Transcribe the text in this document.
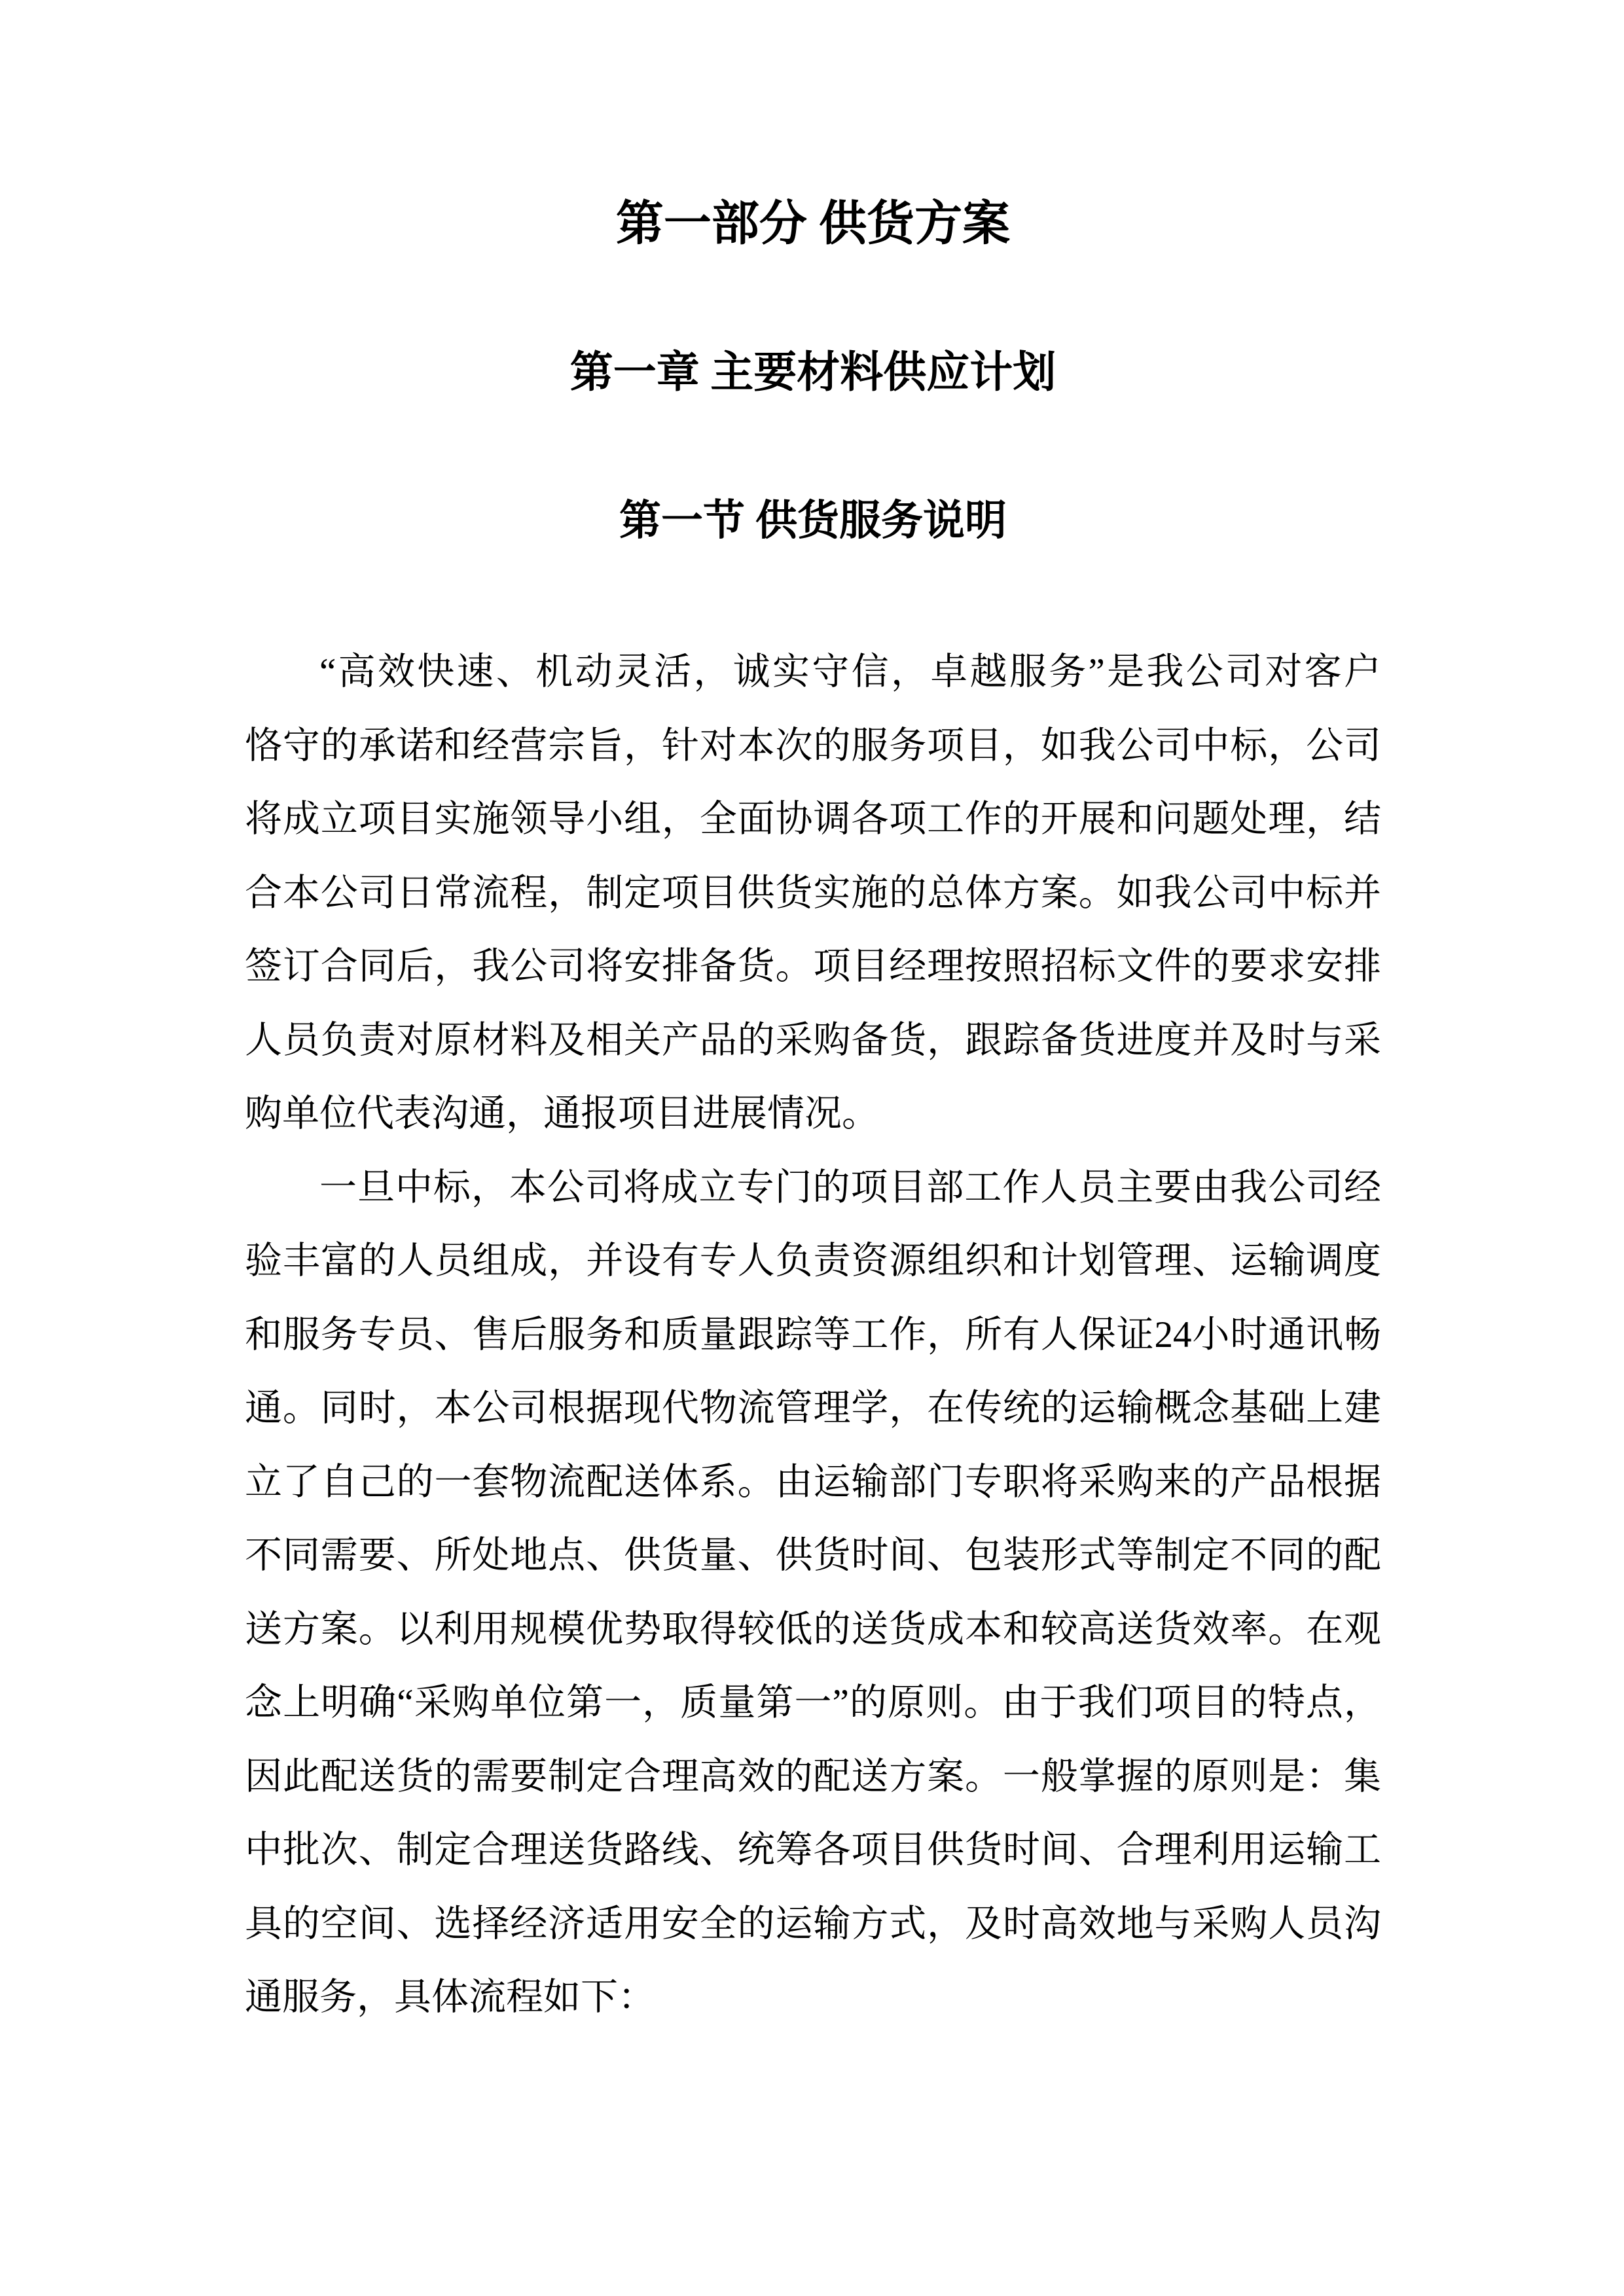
第一部分 供货方案
第一章 主要材料供应计划
第一节 供货服务说明
“高效快速、机动灵活，诚实守信，卓越服务”是我公司对客户
恪守的承诺和经营宗旨，针对本次的服务项目，如我公司中标，公司
将成立项目实施领导小组，全面协调各项工作的开展和问题处理，结
合本公司日常流程，制定项目供货实施的总体方案。如我公司中标并
签订合同后，我公司将安排备货。项目经理按照招标文件的要求安排
人员负责对原材料及相关产品的采购备货，跟踪备货进度并及时与采
购单位代表沟通，通报项目进展情况。
一旦中标，本公司将成立专门的项目部工作人员主要由我公司经
验丰富的人员组成，并设有专人负责资源组织和计划管理、运输调度
和服务专员、售后服务和质量跟踪等工作，所有人保证24小时通讯畅
通。同时，本公司根据现代物流管理学，在传统的运输概念基础上建
立了自己的一套物流配送体系。由运输部门专职将采购来的产品根据
不同需要、所处地点、供货量、供货时间、包装形式等制定不同的配
送方案。以利用规模优势取得较低的送货成本和较高送货效率。在观
念上明确“采购单位第一，质量第一”的原则。由于我们项目的特点，
因此配送货的需要制定合理高效的配送方案。一般掌握的原则是：集
中批次、制定合理送货路线、统筹各项目供货时间、合理利用运输工
具的空间、选择经济适用安全的运输方式，及时高效地与采购人员沟
通服务，具体流程如下：
